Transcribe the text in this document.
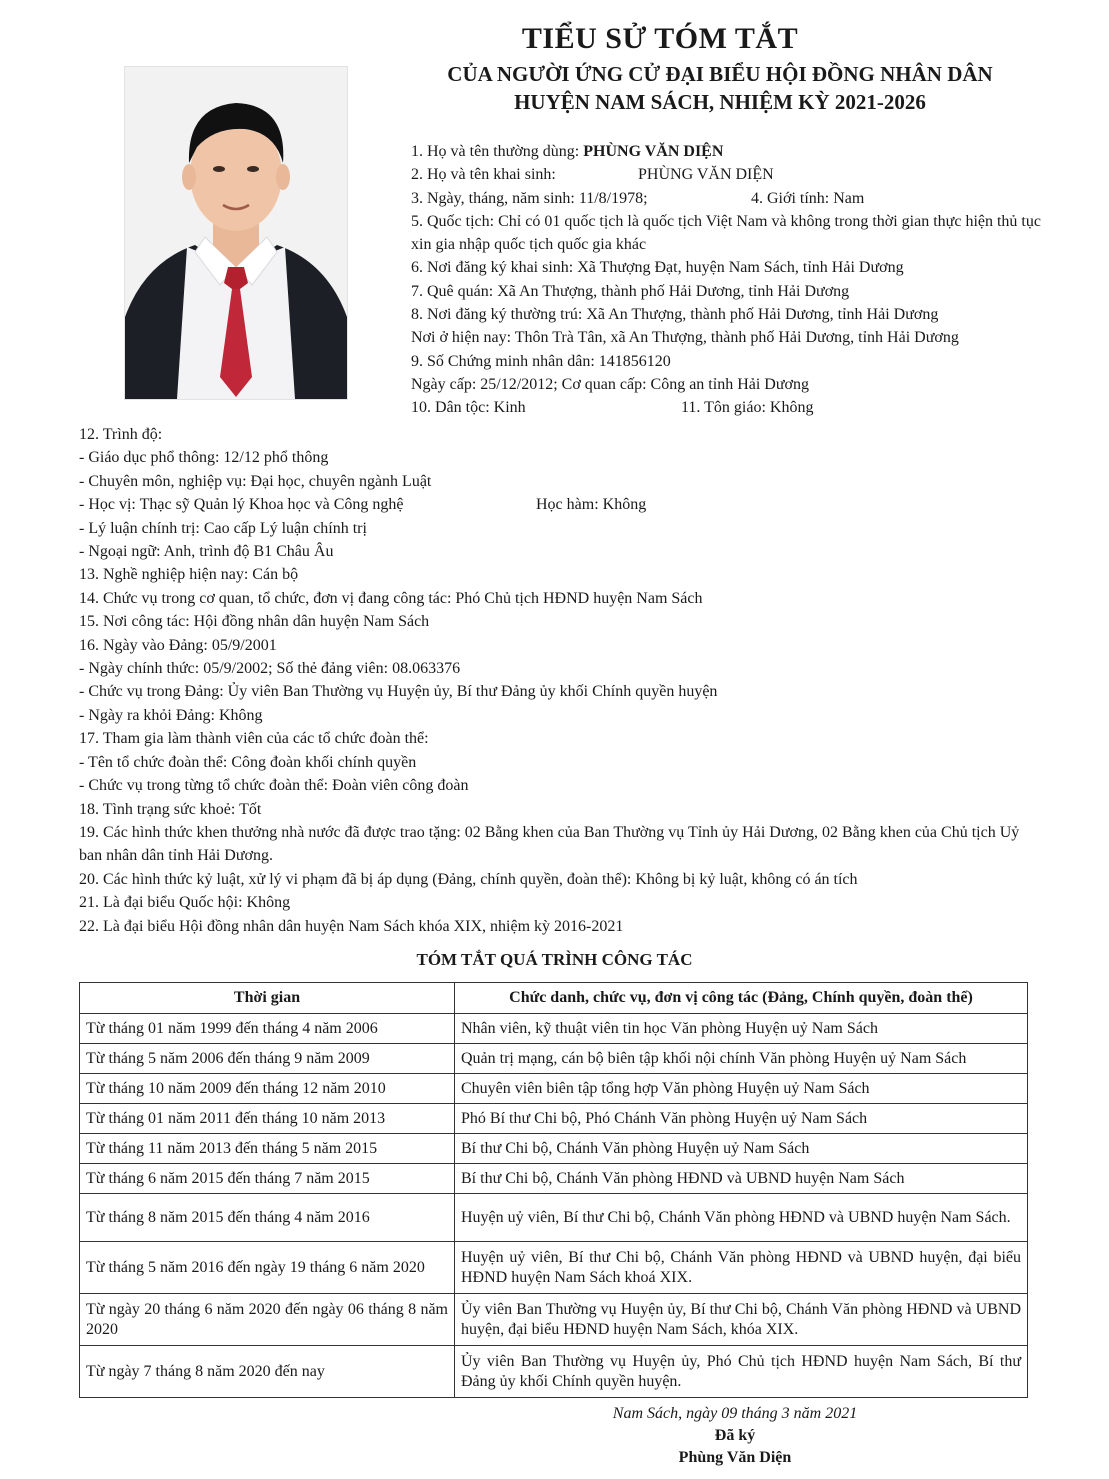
TIỂU SỬ TÓM TẮT
CỦA NGƯỜI ỨNG CỬ ĐẠI BIỂU HỘI ĐỒNG NHÂN DÂN
HUYỆN NAM SÁCH, NHIỆM KỲ 2021-2026
1. Họ và tên thường dùng: PHÙNG VĂN DIỆN
2. Họ và tên khai sinh:	PHÙNG VĂN DIỆN
3. Ngày, tháng, năm sinh: 11/8/1978;	4. Giới tính: Nam
5. Quốc tịch: Chỉ có 01 quốc tịch là quốc tịch Việt Nam và không trong thời gian thực hiện thủ tục xin gia nhập quốc tịch quốc gia khác
6. Nơi đăng ký khai sinh: Xã Thượng Đạt, huyện Nam Sách, tỉnh Hải Dương
7. Quê quán: Xã An Thượng, thành phố Hải Dương, tỉnh Hải Dương
8. Nơi đăng ký thường trú: Xã An Thượng, thành phố Hải Dương, tỉnh Hải Dương
Nơi ở hiện nay: Thôn Trà Tân, xã An Thượng, thành phố Hải Dương, tỉnh Hải Dương
9. Số Chứng minh nhân dân: 141856120
Ngày cấp: 25/12/2012; Cơ quan cấp: Công an tỉnh Hải Dương
10. Dân tộc: Kinh	11. Tôn giáo: Không
12. Trình độ:
- Giáo dục phổ thông: 12/12 phổ thông
- Chuyên môn, nghiệp vụ: Đại học, chuyên ngành Luật
- Học vị: Thạc sỹ Quản lý Khoa học và Công nghệ	Học hàm: Không
- Lý luận chính trị: Cao cấp Lý luận chính trị
- Ngoại ngữ: Anh, trình độ B1 Châu Âu
13. Nghề nghiệp hiện nay: Cán bộ
14. Chức vụ trong cơ quan, tổ chức, đơn vị đang công tác: Phó Chủ tịch HĐND huyện Nam Sách
15. Nơi công tác: Hội đồng nhân dân huyện Nam Sách
16. Ngày vào Đảng: 05/9/2001
- Ngày chính thức: 05/9/2002; Số thẻ đảng viên: 08.063376
- Chức vụ trong Đảng: Ủy viên Ban Thường vụ Huyện ủy, Bí thư Đảng ủy khối Chính quyền huyện
- Ngày ra khỏi Đảng: Không
17. Tham gia làm thành viên của các tổ chức đoàn thể:
- Tên tổ chức đoàn thể: Công đoàn khối chính quyền
- Chức vụ trong từng tổ chức đoàn thể: Đoàn viên công đoàn
18. Tình trạng sức khoẻ: Tốt
19. Các hình thức khen thưởng nhà nước đã được trao tặng: 02 Bằng khen của Ban Thường vụ Tỉnh ủy Hải Dương, 02 Bằng khen của Chủ tịch Uỷ ban nhân dân tỉnh Hải Dương.
20. Các hình thức kỷ luật, xử lý vi phạm đã bị áp dụng (Đảng, chính quyền, đoàn thể): Không bị kỷ luật, không có án tích
21. Là đại biểu Quốc hội: Không
22. Là đại biểu Hội đồng nhân dân huyện Nam Sách khóa XIX, nhiệm kỳ 2016-2021
TÓM TẮT QUÁ TRÌNH CÔNG TÁC
Thời gian	Chức danh, chức vụ, đơn vị công tác (Đảng, Chính quyền, đoàn thể)
Từ tháng 01 năm 1999 đến tháng 4 năm 2006	Nhân viên, kỹ thuật viên tin học Văn phòng Huyện uỷ Nam Sách
Từ tháng 5 năm 2006 đến tháng 9 năm 2009	Quản trị mạng, cán bộ biên tập khối nội chính Văn phòng Huyện uỷ Nam Sách
Từ tháng 10 năm 2009 đến tháng 12 năm 2010	Chuyên viên biên tập tổng hợp Văn phòng Huyện uỷ Nam Sách
Từ tháng 01 năm 2011 đến tháng 10 năm 2013	Phó Bí thư Chi bộ, Phó Chánh Văn phòng Huyện uỷ Nam Sách
Từ tháng 11 năm 2013 đến tháng 5 năm 2015	Bí thư Chi bộ, Chánh Văn phòng Huyện uỷ Nam Sách
Từ tháng 6 năm 2015 đến tháng 7 năm 2015	Bí thư Chi bộ, Chánh Văn phòng HĐND và UBND huyện Nam Sách
Từ tháng 8 năm 2015 đến tháng 4 năm 2016	Huyện uỷ viên, Bí thư Chi bộ, Chánh Văn phòng HĐND và UBND huyện Nam Sách.
Từ tháng 5 năm 2016 đến ngày 19 tháng 6 năm 2020	Huyện uỷ viên, Bí thư Chi bộ, Chánh Văn phòng HĐND và UBND huyện, đại biểu HĐND huyện Nam Sách khoá XIX.
Từ ngày 20 tháng 6 năm 2020 đến ngày 06 tháng 8 năm 2020	Ủy viên Ban Thường vụ Huyện ủy, Bí thư Chi bộ, Chánh Văn phòng HĐND và UBND huyện, đại biểu HĐND huyện Nam Sách, khóa XIX.
Từ ngày 7 tháng 8 năm 2020 đến nay	Ủy viên Ban Thường vụ Huyện ủy, Phó Chủ tịch HĐND huyện Nam Sách, Bí thư Đảng ủy khối Chính quyền huyện.
Nam Sách, ngày 09 tháng 3 năm 2021
Đã ký
Phùng Văn Diện
